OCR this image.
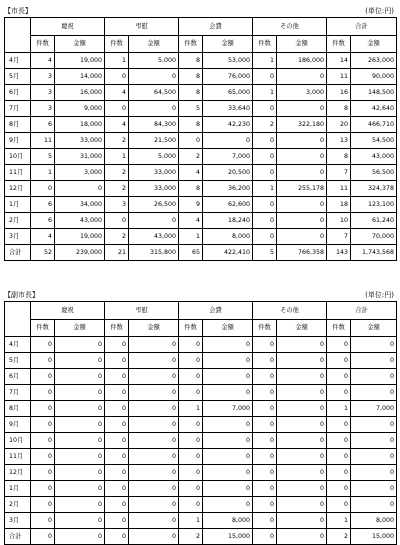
【市長】	(単位:円)
	慶祝		弔慰		会費		その他		合計	
	件数	金額	件数	金額	件数	金額	件数	金額	件数	金額
4月	4	19,000	1	5,000	8	53,000	1	186,000	14	263,000
5月	3	14,000	0	0	8	76,000	0	0	11	90,000
6月	3	16,000	4	64,500	8	65,000	1	3,000	16	148,500
7月	3	9,000	0	0	5	33,640	0	0	8	42,640
8月	6	18,000	4	84,300	8	42,230	2	322,180	20	466,710
9月	11	33,000	2	21,500	0	0	0	0	13	54,500
10月	5	31,000	1	5,000	2	7,000	0	0	8	43,000
11月	1	3,000	2	33,000	4	20,500	0	0	7	56,500
12月	0	0	2	33,000	8	36,200	1	255,178	11	324,378
1月	6	34,000	3	26,500	9	62,600	0	0	18	123,100
2月	6	43,000	0	0	4	18,240	0	0	10	61,240
3月	4	19,000	2	43,000	1	8,000	0	0	7	70,000
合計	52	239,000	21	315,800	65	422,410	5	766,358	143	1,743,568
【副市長】	(単位:円)
	慶祝		弔慰		会費		その他		合計	
	件数	金額	件数	金額	件数	金額	件数	金額	件数	金額
4月	0	0	0	0	0	0	0	0	0	0
5月	0	0	0	0	0	0	0	0	0	0
6月	0	0	0	0	0	0	0	0	0	0
7月	0	0	0	0	0	0	0	0	0	0
8月	0	0	0	0	1	7,000	0	0	1	7,000
9月	0	0	0	0	0	0	0	0	0	0
10月	0	0	0	0	0	0	0	0	0	0
11月	0	0	0	0	0	0	0	0	0	0
12月	0	0	0	0	0	0	0	0	0	0
1月	0	0	0	0	0	0	0	0	0	0
2月	0	0	0	0	0	0	0	0	0	0
3月	0	0	0	0	1	8,000	0	0	1	8,000
合計	0	0	0	0	2	15,000	0	0	2	15,000
